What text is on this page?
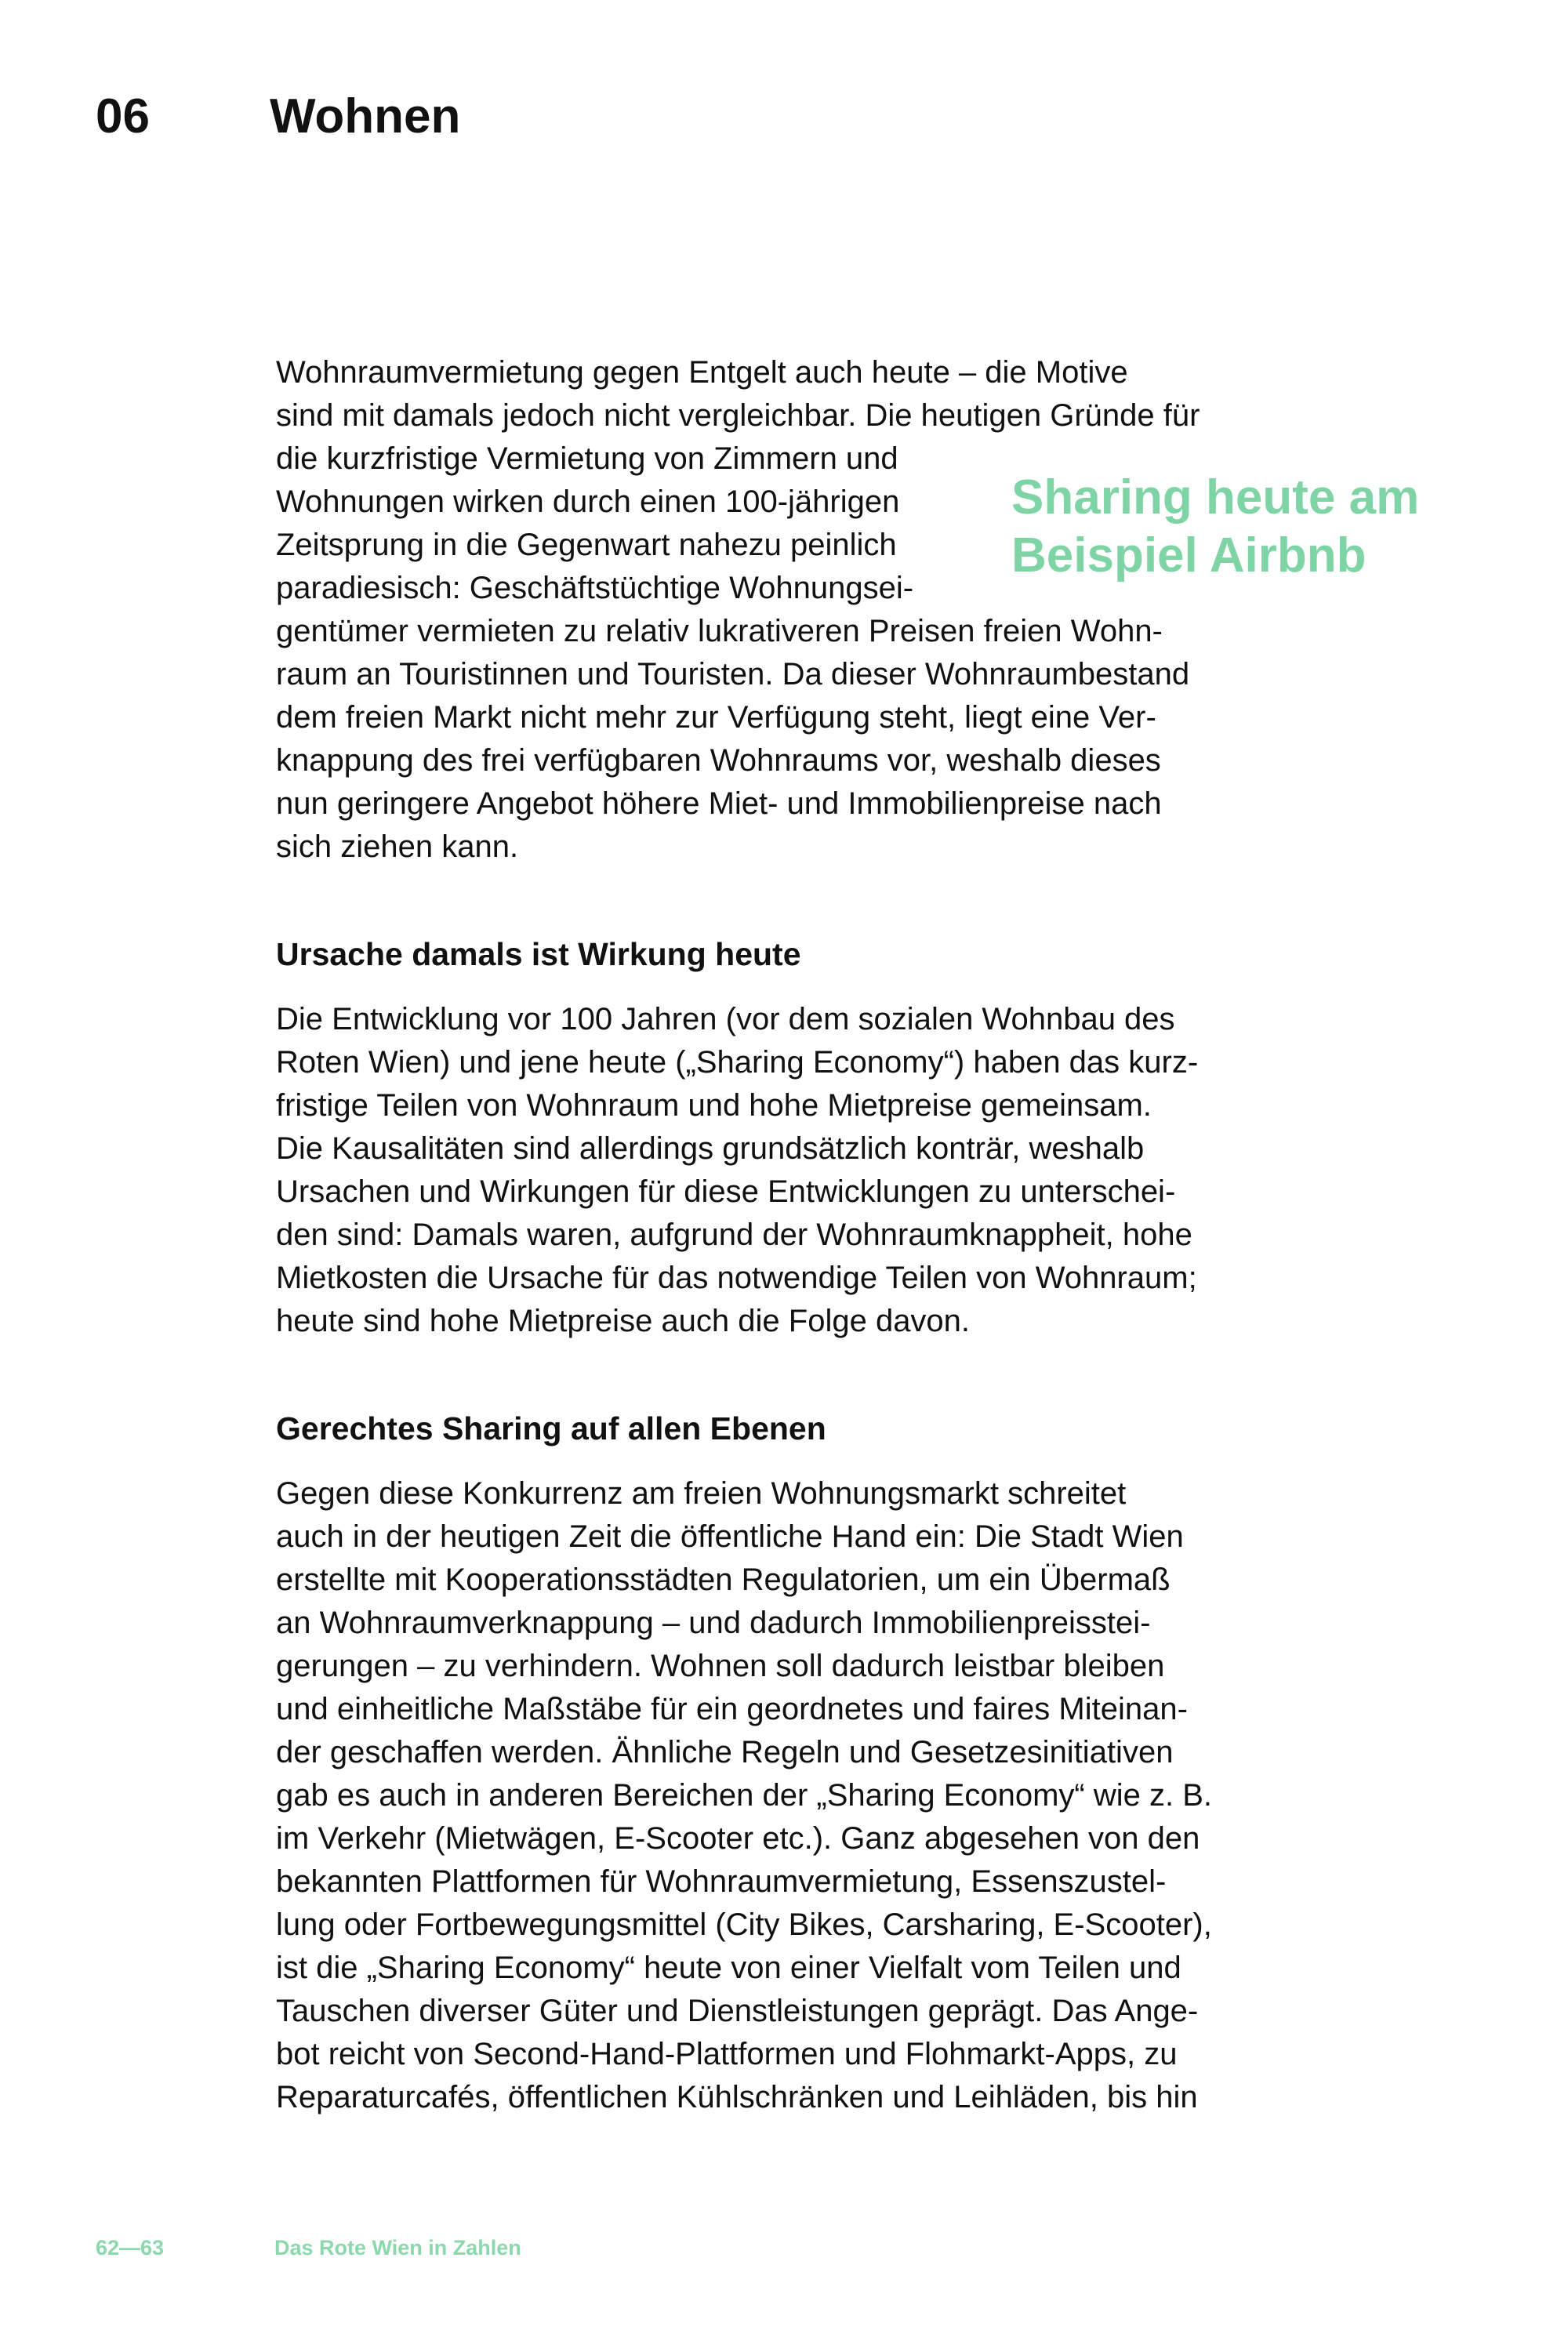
06 Wohnen

Wohnraumvermietung gegen Entgelt auch heute – die Motive
sind mit damals jedoch nicht vergleichbar. Die heutigen Gründe für
die kurzfristige Vermietung von Zimmern und
Wohnungen wirken durch einen 100-jährigen
Zeitsprung in die Gegenwart nahezu peinlich
paradiesisch: Geschäftstüchtige Wohnungsei-
gentümer vermieten zu relativ lukrativeren Preisen freien Wohn-
raum an Touristinnen und Touristen. Da dieser Wohnraumbestand
dem freien Markt nicht mehr zur Verfügung steht, liegt eine Ver-
knappung des frei verfügbaren Wohnraums vor, weshalb dieses
nun geringere Angebot höhere Miet- und Immobilienpreise nach
sich ziehen kann.

Ursache damals ist Wirkung heute

Die Entwicklung vor 100 Jahren (vor dem sozialen Wohnbau des
Roten Wien) und jene heute („Sharing Economy“) haben das kurz-
fristige Teilen von Wohnraum und hohe Mietpreise gemeinsam.
Die Kausalitäten sind allerdings grundsätzlich konträr, weshalb
Ursachen und Wirkungen für diese Entwicklungen zu unterschei-
den sind: Damals waren, aufgrund der Wohnraumknappheit, hohe
Mietkosten die Ursache für das notwendige Teilen von Wohnraum;
heute sind hohe Mietpreise auch die Folge davon.

Gerechtes Sharing auf allen Ebenen

Gegen diese Konkurrenz am freien Wohnungsmarkt schreitet
auch in der heutigen Zeit die öffentliche Hand ein: Die Stadt Wien
erstellte mit Kooperationsstädten Regulatorien, um ein Übermaß
an Wohnraumverknappung – und dadurch Immobilienpreisstei-
gerungen – zu verhindern. Wohnen soll dadurch leistbar bleiben
und einheitliche Maßstäbe für ein geordnetes und faires Miteinan-
der geschaffen werden. Ähnliche Regeln und Gesetzesinitiativen
gab es auch in anderen Bereichen der „Sharing Economy“ wie z. B.
im Verkehr (Mietwägen, E-Scooter etc.). Ganz abgesehen von den
bekannten Plattformen für Wohnraumvermietung, Essenszustel-
lung oder Fortbewegungsmittel (City Bikes, Carsharing, E-Scooter),
ist die „Sharing Economy“ heute von einer Vielfalt vom Teilen und
Tauschen diverser Güter und Dienstleistungen geprägt. Das Ange-
bot reicht von Second-Hand-Plattformen und Flohmarkt-Apps, zu
Reparaturcafés, öffentlichen Kühlschränken und Leihläden, bis hin

Sharing heute am
Beispiel Airbnb
62—63	Das Rote Wien in Zahlen
